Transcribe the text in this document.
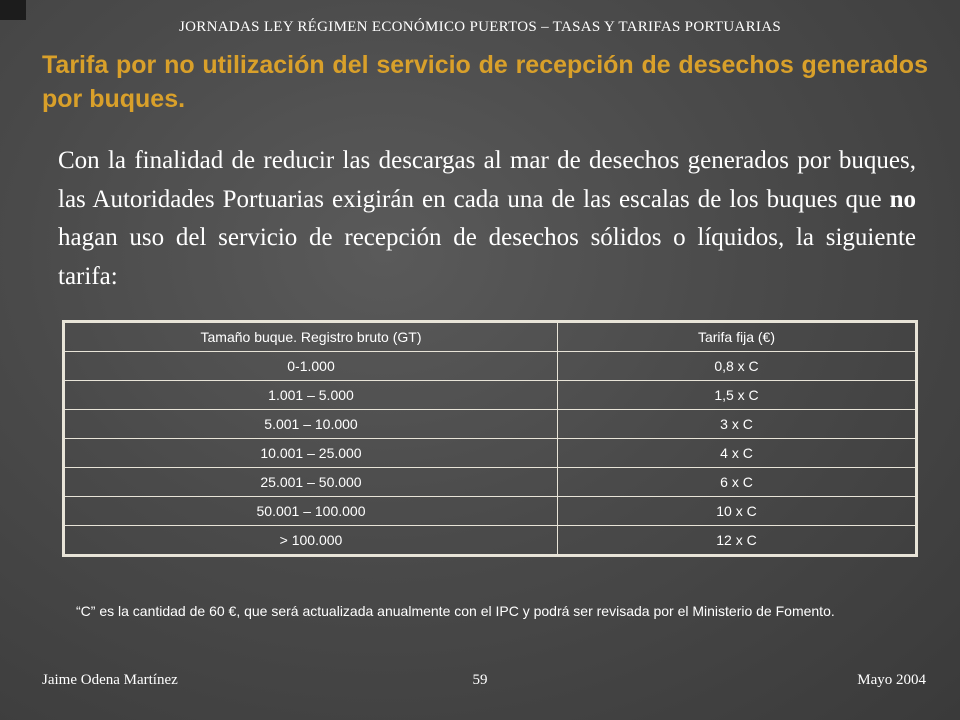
JORNADAS LEY RÉGIMEN ECONÓMICO PUERTOS – TASAS Y TARIFAS PORTUARIAS
Tarifa por no utilización del servicio de recepción de desechos generados por buques.
Con la finalidad de reducir las descargas al mar de desechos generados por buques, las Autoridades Portuarias exigirán en cada una de las escalas de los buques que no hagan uso del servicio de recepción de desechos sólidos o líquidos, la siguiente tarifa:
Tamaño buque. Registro bruto (GT)	Tarifa fija (€)
0-1.000	0,8 x C
1.001 – 5.000	1,5 x C
5.001 – 10.000	3 x C
10.001 – 25.000	4 x C
25.001 – 50.000	6 x C
50.001 – 100.000	10 x C
> 100.000	12 x C
“C” es la cantidad de 60 €, que será actualizada anualmente con el IPC y podrá ser revisada por el Ministerio de Fomento.
Jaime Odena Martínez	59	Mayo 2004
